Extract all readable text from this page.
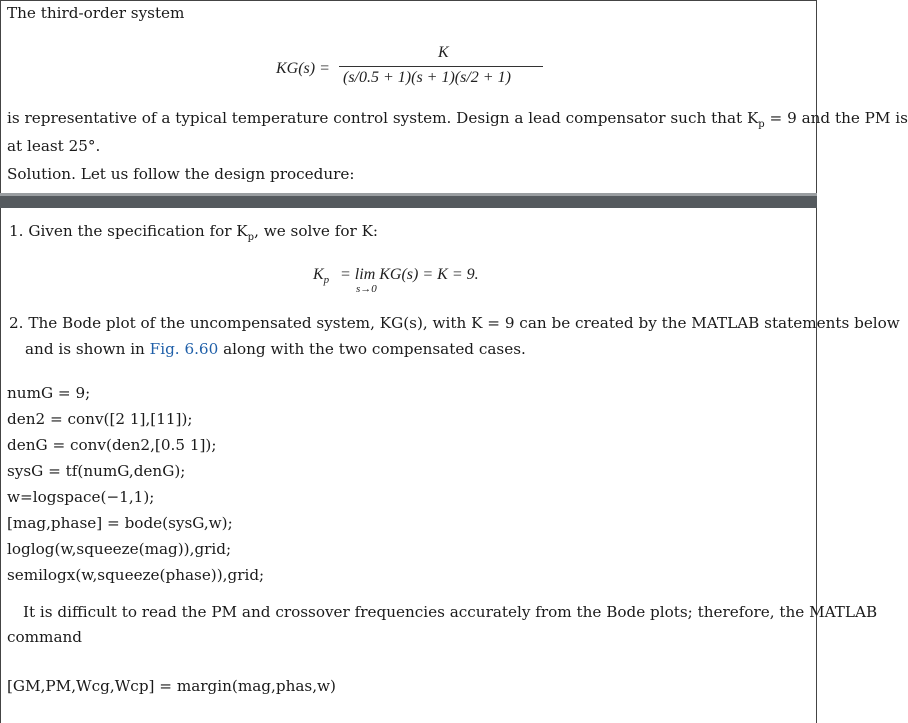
The third-order system

KG(s) =
K
(s/0.5 + 1)(s + 1)(s/2 + 1)

is representative of a typical temperature control system. Design a lead compensator such that $K_p = 9$ and the PM is

at least 25°.

Solution. Let us follow the design procedure:

1. Given the specification for $K_p$, we solve for K:

$K_p = \lim KG(s) = K = 9$.
s→0

2. The Bode plot of the uncompensated system, KG(s), with K = 9 can be created by the MATLAB statements below

and is shown in Fig. 6.60 along with the two compensated cases.

numG = 9;
den2 = conv([2 1],[11]);
denG = conv(den2,[0.5 1]);
sysG = tf(numG,denG);
w=logspace(−1,1);
[mag,phase] = bode(sysG,w);
loglog(w,squeeze(mag)),grid;
semilogx(w,squeeze(phase)),grid;

It is difficult to read the PM and crossover frequencies accurately from the Bode plots; therefore, the MATLAB

command

[GM,PM,Wcg,Wcp] = margin(mag,phas,w)
